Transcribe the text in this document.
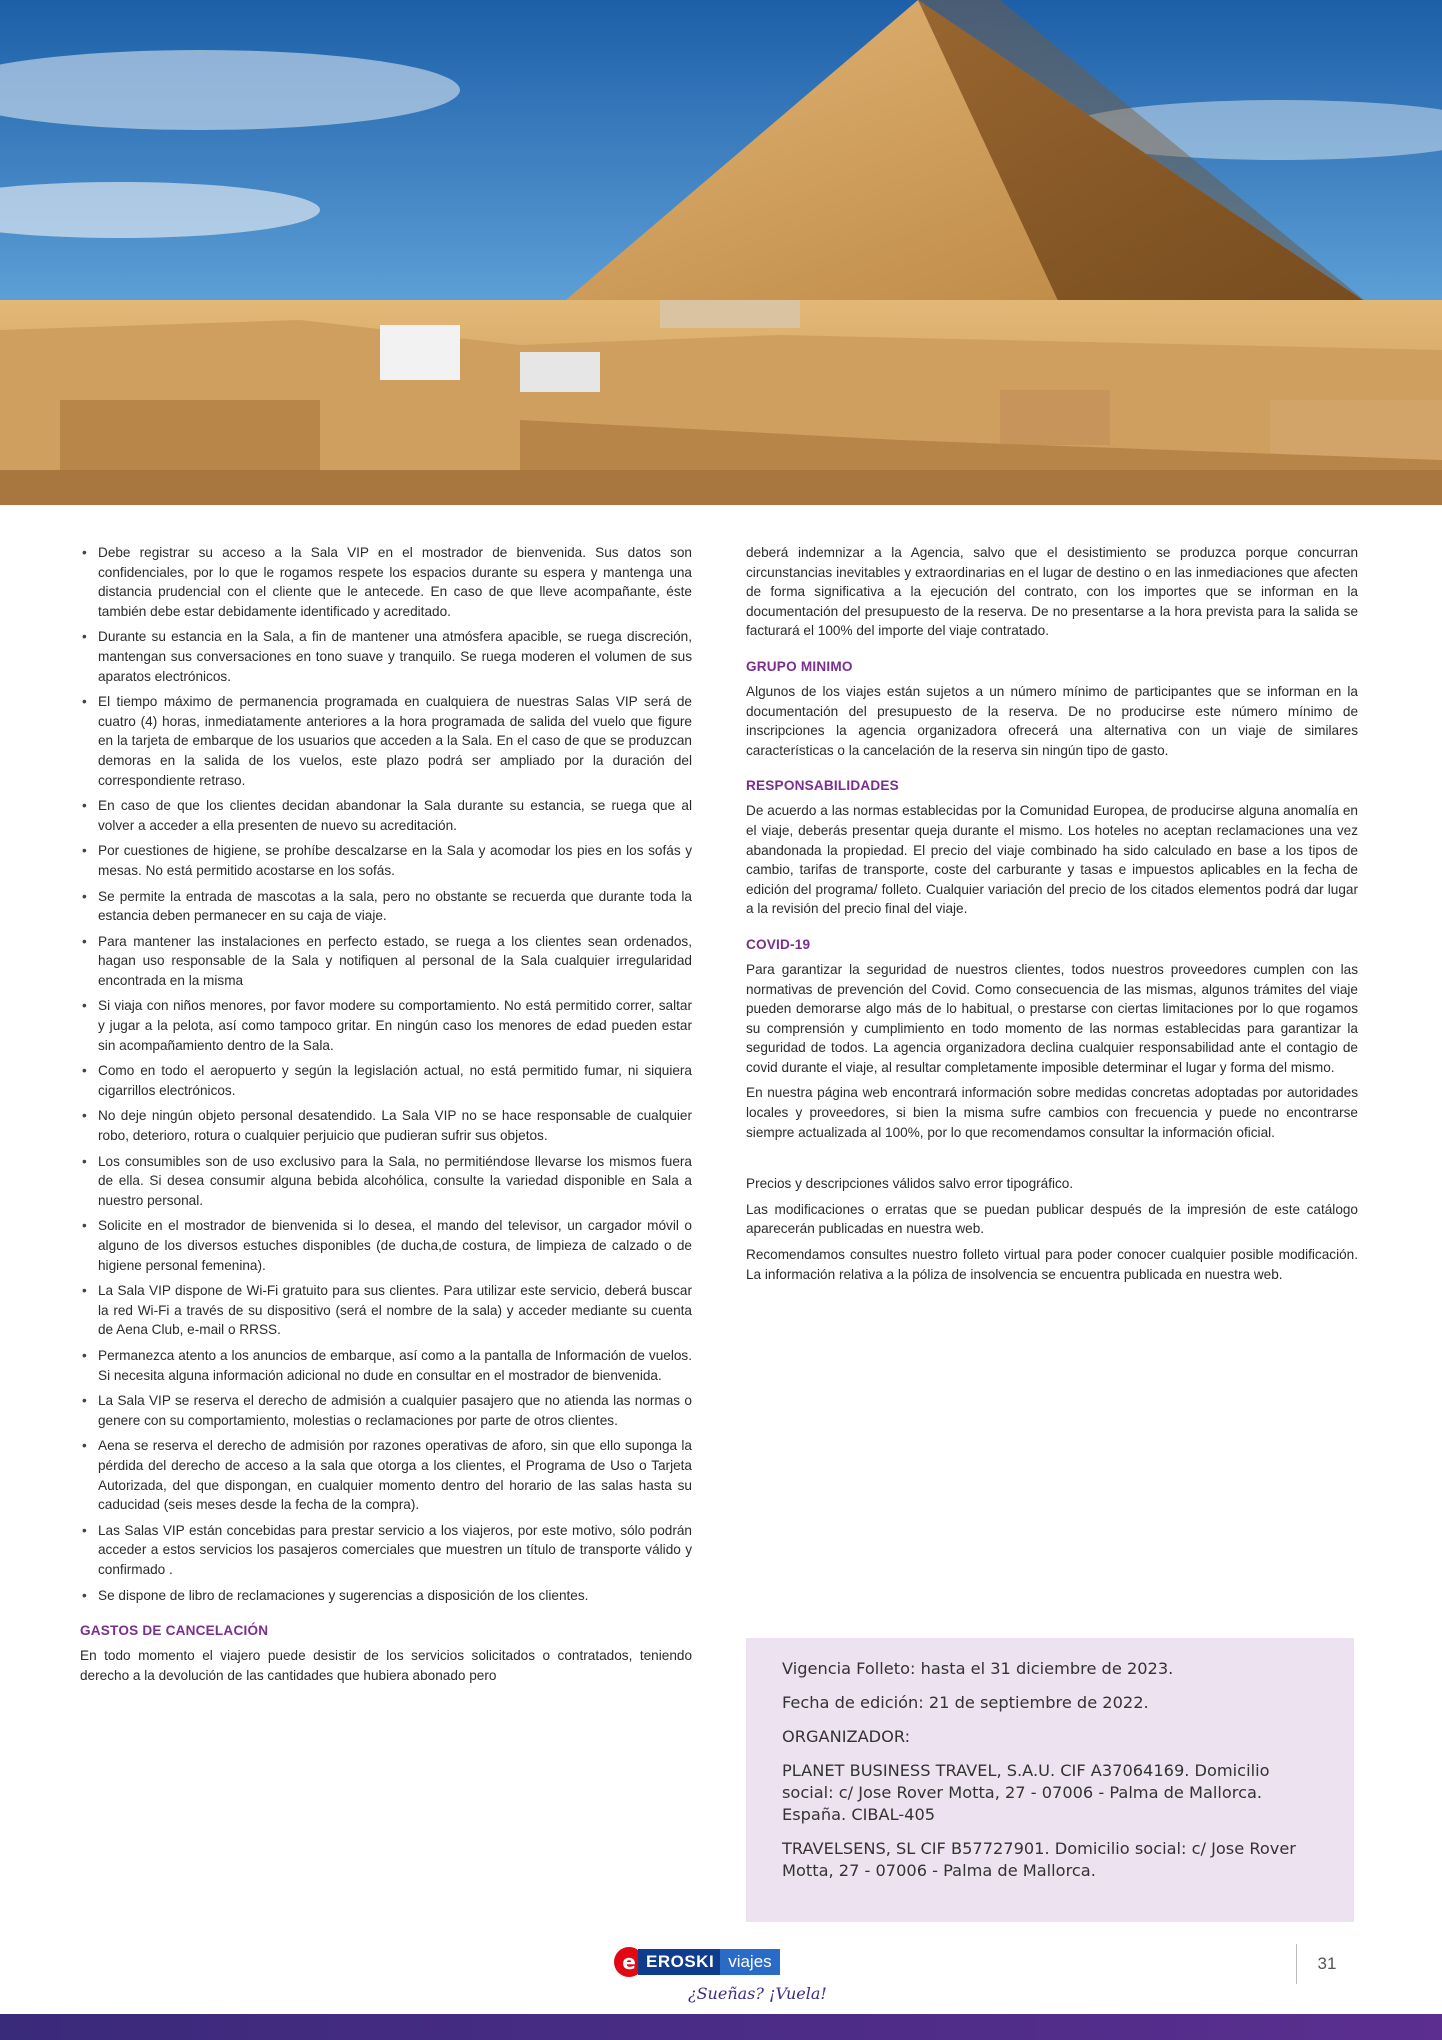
• Debe registrar su acceso a la Sala VIP en el mostrador de bienvenida. Sus datos son confidenciales, por lo que le rogamos respete los espacios durante su espera y mantenga una distancia prudencial con el cliente que le antecede. En caso de que lleve acompañante, éste también debe estar debidamente identificado y acreditado.
• Durante su estancia en la Sala, a fin de mantener una atmósfera apacible, se ruega discreción, mantengan sus conversaciones en tono suave y tranquilo. Se ruega moderen el volumen de sus aparatos electrónicos.
• El tiempo máximo de permanencia programada en cualquiera de nuestras Salas VIP será de cuatro (4) horas, inmediatamente anteriores a la hora programada de salida del vuelo que figure en la tarjeta de embarque de los usuarios que acceden a la Sala. En el caso de que se produzcan demoras en la salida de los vuelos, este plazo podrá ser ampliado por la duración del correspondiente retraso.
• En caso de que los clientes decidan abandonar la Sala durante su estancia, se ruega que al volver a acceder a ella presenten de nuevo su acreditación.
• Por cuestiones de higiene, se prohíbe descalzarse en la Sala y acomodar los pies en los sofás y mesas. No está permitido acostarse en los sofás.
• Se permite la entrada de mascotas a la sala, pero no obstante se recuerda que durante toda la estancia deben permanecer en su caja de viaje.
• Para mantener las instalaciones en perfecto estado, se ruega a los clientes sean ordenados, hagan uso responsable de la Sala y notifiquen al personal de la Sala cualquier irregularidad encontrada en la misma
• Si viaja con niños menores, por favor modere su comportamiento. No está permitido correr, saltar y jugar a la pelota, así como tampoco gritar. En ningún caso los menores de edad pueden estar sin acompañamiento dentro de la Sala.
• Como en todo el aeropuerto y según la legislación actual, no está permitido fumar, ni siquiera cigarrillos electrónicos.
• No deje ningún objeto personal desatendido. La Sala VIP no se hace responsable de cualquier robo, deterioro, rotura o cualquier perjuicio que pudieran sufrir sus objetos.
• Los consumibles son de uso exclusivo para la Sala, no permitiéndose llevarse los mismos fuera de ella. Si desea consumir alguna bebida alcohólica, consulte la variedad disponible en Sala a nuestro personal.
• Solicite en el mostrador de bienvenida si lo desea, el mando del televisor, un cargador móvil o alguno de los diversos estuches disponibles (de ducha,de costura, de limpieza de calzado o de higiene personal femenina).
• La Sala VIP dispone de Wi-Fi gratuito para sus clientes. Para utilizar este servicio, deberá buscar la red Wi-Fi a través de su dispositivo (será el nombre de la sala) y acceder mediante su cuenta de Aena Club, e-mail o RRSS.
• Permanezca atento a los anuncios de embarque, así como a la pantalla de Información de vuelos. Si necesita alguna información adicional no dude en consultar en el mostrador de bienvenida.
• La Sala VIP se reserva el derecho de admisión a cualquier pasajero que no atienda las normas o genere con su comportamiento, molestias o reclamaciones por parte de otros clientes.
• Aena se reserva el derecho de admisión por razones operativas de aforo, sin que ello suponga la pérdida del derecho de acceso a la sala que otorga a los clientes, el Programa de Uso o Tarjeta Autorizada, del que dispongan, en cualquier momento dentro del horario de las salas hasta su caducidad (seis meses desde la fecha de la compra).
• Las Salas VIP están concebidas para prestar servicio a los viajeros, por este motivo, sólo podrán acceder a estos servicios los pasajeros comerciales que muestren un título de transporte válido y confirmado .
• Se dispone de libro de reclamaciones y sugerencias a disposición de los clientes.
GASTOS DE CANCELACIÓN

En todo momento el viajero puede desistir de los servicios solicitados o contratados, teniendo derecho a la devolución de las cantidades que hubiera abonado pero

deberá indemnizar a la Agencia, salvo que el desistimiento se produzca porque concurran circunstancias inevitables y extraordinarias en el lugar de destino o en las inmediaciones que afecten de forma significativa a la ejecución del contrato, con los importes que se informan en la documentación del presupuesto de la reserva. De no presentarse a la hora prevista para la salida se facturará el 100% del importe del viaje contratado.

GRUPO MINIMO

Algunos de los viajes están sujetos a un número mínimo de participantes que se informan en la documentación del presupuesto de la reserva. De no producirse este número mínimo de inscripciones la agencia organizadora ofrecerá una alternativa con un viaje de similares características o la cancelación de la reserva sin ningún tipo de gasto.

RESPONSABILIDADES

De acuerdo a las normas establecidas por la Comunidad Europea, de producirse alguna anomalía en el viaje, deberás presentar queja durante el mismo. Los hoteles no aceptan reclamaciones una vez abandonada la propiedad. El precio del viaje combinado ha sido calculado en base a los tipos de cambio, tarifas de transporte, coste del carburante y tasas e impuestos aplicables en la fecha de edición del programa/ folleto. Cualquier variación del precio de los citados elementos podrá dar lugar a la revisión del precio final del viaje.

COVID-19

Para garantizar la seguridad de nuestros clientes, todos nuestros proveedores cumplen con las normativas de prevención del Covid. Como consecuencia de las mismas, algunos trámites del viaje pueden demorarse algo más de lo habitual, o prestarse con ciertas limitaciones por lo que rogamos su comprensión y cumplimiento en todo momento de las normas establecidas para garantizar la seguridad de todos. La agencia organizadora declina cualquier responsabilidad ante el contagio de covid durante el viaje, al resultar completamente imposible determinar el lugar y forma del mismo.

En nuestra página web encontrará información sobre medidas concretas adoptadas por autoridades locales y proveedores, si bien la misma sufre cambios con frecuencia y puede no encontrarse siempre actualizada al 100%, por lo que recomendamos consultar la información oficial.

Precios y descripciones válidos salvo error tipográfico.

Las modificaciones o erratas que se puedan publicar después de la impresión de este catálogo aparecerán publicadas en nuestra web.

Recomendamos consultes nuestro folleto virtual para poder conocer cualquier posible modificación. La información relativa a la póliza de insolvencia se encuentra publicada en nuestra web.

Vigencia Folleto: hasta el 31 diciembre de 2023.

Fecha de edición: 21 de septiembre de 2022.

ORGANIZADOR:

PLANET BUSINESS TRAVEL, S.A.U. CIF A37064169. Domicilio social: c/ Jose Rover Motta, 27 - 07006 - Palma de Mallorca. España. CIBAL-405

TRAVELSENS, SL CIF B57727901. Domicilio social: c/ Jose Rover Motta, 27 - 07006 - Palma de Mallorca.

e EROSKI viajes
¿Sueñas? ¡Vuela!
31
